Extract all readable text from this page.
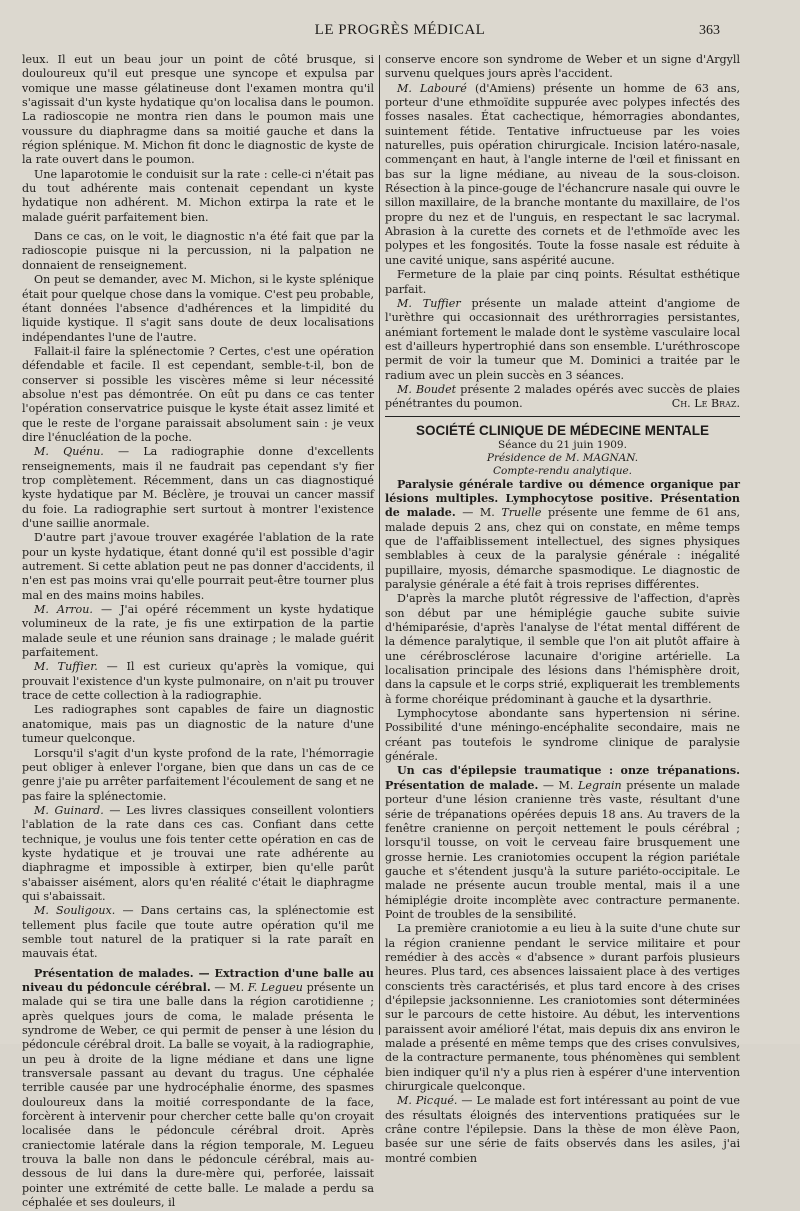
LE PROGRÈS MÉDICAL	363

leux. Il eut un beau jour un point de côté brusque, si douloureux qu'il eut presque une syncope et expulsa par vomique une masse gélatineuse dont l'examen montra qu'il s'agissait d'un kyste hydatique qu'on localisa dans le poumon. La radioscopie ne montra rien dans le poumon mais une voussure du diaphragme dans sa moitié gauche et dans la région splénique. M. Michon fit donc le diagnostic de kyste de la rate ouvert dans le poumon.

Une laparotomie le conduisit sur la rate : celle-ci n'était pas du tout adhérente mais contenait cependant un kyste hydatique non adhérent. M. Michon extirpa la rate et le malade guérit parfaitement bien.

Dans ce cas, on le voit, le diagnostic n'a été fait que par la radioscopie puisque ni la percussion, ni la palpation ne donnaient de renseignement.

On peut se demander, avec M. Michon, si le kyste splénique était pour quelque chose dans la vomique. C'est peu probable, étant données l'absence d'adhérences et la limpidité du liquide kystique. Il s'agit sans doute de deux localisations indépendantes l'une de l'autre.

Fallait-il faire la splénectomie ? Certes, c'est une opération défendable et facile. Il est cependant, semble-t-il, bon de conserver si possible les viscères même si leur nécessité absolue n'est pas démontrée. On eût pu dans ce cas tenter l'opération conservatrice puisque le kyste était assez limité et que le reste de l'organe paraissait absolument sain : je veux dire l'énucléation de la poche.

M. Quénu. — La radiographie donne d'excellents renseignements, mais il ne faudrait pas cependant s'y fier trop complètement. Récemment, dans un cas diagnostiqué kyste hydatique par M. Béclère, je trouvai un cancer massif du foie. La radiographie sert surtout à montrer l'existence d'une saillie anormale.

D'autre part j'avoue trouver exagérée l'ablation de la rate pour un kyste hydatique, étant donné qu'il est possible d'agir autrement. Si cette ablation peut ne pas donner d'accidents, il n'en est pas moins vrai qu'elle pourrait peut-être tourner plus mal en des mains moins habiles.

M. Arrou. — J'ai opéré récemment un kyste hydatique volumineux de la rate, je fis une extirpation de la partie malade seule et une réunion sans drainage ; le malade guérit parfaitement.

M. Tuffier. — Il est curieux qu'après la vomique, qui prouvait l'existence d'un kyste pulmonaire, on n'ait pu trouver trace de cette collection à la radiographie.

Les radiographes sont capables de faire un diagnostic anatomique, mais pas un diagnostic de la nature d'une tumeur quelconque.

Lorsqu'il s'agit d'un kyste profond de la rate, l'hémorragie peut obliger à enlever l'organe, bien que dans un cas de ce genre j'aie pu arrêter parfaitement l'écoulement de sang et ne pas faire la splénectomie.

M. Guinard. — Les livres classiques conseillent volontiers l'ablation de la rate dans ces cas. Confiant dans cette technique, je voulus une fois tenter cette opération en cas de kyste hydatique et je trouvai une rate adhérente au diaphragme et impossible à extirper, bien qu'elle parût s'abaisser aisément, alors qu'en réalité c'était le diaphragme qui s'abaissait.

M. Souligoux. — Dans certains cas, la splénectomie est tellement plus facile que toute autre opération qu'il me semble tout naturel de la pratiquer si la rate paraît en mauvais état.

Présentation de malades. — Extraction d'une balle au niveau du pédoncule cérébral. — M. F. Legueu présente un malade qui se tira une balle dans la région carotidienne ; après quelques jours de coma, le malade présenta le syndrome de Weber, ce qui permit de penser à une lésion du pédoncule cérébral droit. La balle se voyait, à la radiographie, un peu à droite de la ligne médiane et dans une ligne transversale passant au devant du tragus. Une céphalée terrible causée par une hydrocéphalie énorme, des spasmes douloureux dans la moitié correspondante de la face, forcèrent à intervenir pour chercher cette balle qu'on croyait localisée dans le pédoncule cérébral droit. Après craniectomie latérale dans la région temporale, M. Legueu trouva la balle non dans le pédoncule cérébral, mais au-dessous de lui dans la dure-mère qui, perforée, laissait pointer une extrémité de cette balle. Le malade a perdu sa céphalée et ses douleurs, il

conserve encore son syndrome de Weber et un signe d'Argyll survenu quelques jours après l'accident.

M. Labouré (d'Amiens) présente un homme de 63 ans, porteur d'une ethmoïdite suppurée avec polypes infectés des fosses nasales. État cachectique, hémorragies abondantes, suintement fétide. Tentative infructueuse par les voies naturelles, puis opération chirurgicale. Incision latéro-nasale, commençant en haut, à l'angle interne de l'œil et finissant en bas sur la ligne médiane, au niveau de la sous-cloison. Résection à la pince-gouge de l'échancrure nasale qui ouvre le sillon maxillaire, de la branche montante du maxillaire, de l'os propre du nez et de l'unguis, en respectant le sac lacrymal. Abrasion à la curette des cornets et de l'ethmoïde avec les polypes et les fongosités. Toute la fosse nasale est réduite à une cavité unique, sans aspérité aucune.

Fermeture de la plaie par cinq points. Résultat esthétique parfait.

M. Tuffier présente un malade atteint d'angiome de l'urèthre qui occasionnait des uréthrorragies persistantes, anémiant fortement le malade dont le système vasculaire local est d'ailleurs hypertrophié dans son ensemble. L'uréthroscope permit de voir la tumeur que M. Dominici a traitée par le radium avec un plein succès en 3 séances.

M. Boudet présente 2 malades opérés avec succès de plaies pénétrantes du poumon.	Ch. Le Braz.

SOCIÉTÉ CLINIQUE DE MÉDECINE MENTALE
Séance du 21 juin 1909.
Présidence de M. MAGNAN.
Compte-rendu analytique.

Paralysie générale tardive ou démence organique par lésions multiples. Lymphocytose positive. Présentation de malade. — M. Truelle présente une femme de 61 ans, malade depuis 2 ans, chez qui on constate, en même temps que de l'affaiblissement intellectuel, des signes physiques semblables à ceux de la paralysie générale : inégalité pupillaire, myosis, démarche spasmodique. Le diagnostic de paralysie générale a été fait à trois reprises différentes.

D'après la marche plutôt régressive de l'affection, d'après son début par une hémiplégie gauche subite suivie d'hémiparésie, d'après l'analyse de l'état mental différent de la démence paralytique, il semble que l'on ait plutôt affaire à une cérébrosclérose lacunaire d'origine artérielle. La localisation principale des lésions dans l'hémisphère droit, dans la capsule et le corps strié, expliquerait les tremblements à forme choréique prédominant à gauche et la dysarthrie.

Lymphocytose abondante sans hypertension ni sérine. Possibilité d'une méningo-encéphalite secondaire, mais ne créant pas toutefois le syndrome clinique de paralysie générale.

Un cas d'épilepsie traumatique : onze trépanations. Présentation de malade. — M. Legrain présente un malade porteur d'une lésion cranienne très vaste, résultant d'une série de trépanations opérées depuis 18 ans. Au travers de la fenêtre cranienne on perçoit nettement le pouls cérébral ; lorsqu'il tousse, on voit le cerveau faire brusquement une grosse hernie. Les craniotomies occupent la région pariétale gauche et s'étendent jusqu'à la suture pariéto-occipitale. Le malade ne présente aucun trouble mental, mais il a une hémiplégie droite incomplète avec contracture permanente. Point de troubles de la sensibilité.

La première craniotomie a eu lieu à la suite d'une chute sur la région cranienne pendant le service militaire et pour remédier à des accès « d'absence » durant parfois plusieurs heures. Plus tard, ces absences laissaient place à des vertiges conscients très caractérisés, et plus tard encore à des crises d'épilepsie jacksonnienne. Les craniotomies sont déterminées sur le parcours de cette histoire. Au début, les interventions paraissent avoir amélioré l'état, mais depuis dix ans environ le malade a présenté en même temps que des crises convulsives, de la contracture permanente, tous phénomènes qui semblent bien indiquer qu'il n'y a plus rien à espérer d'une intervention chirurgicale quelconque.

M. Picqué. — Le malade est fort intéressant au point de vue des résultats éloignés des interventions pratiquées sur le crâne contre l'épilepsie. Dans la thèse de mon élève Paon, basée sur une série de faits observés dans les asiles, j'ai montré combien
